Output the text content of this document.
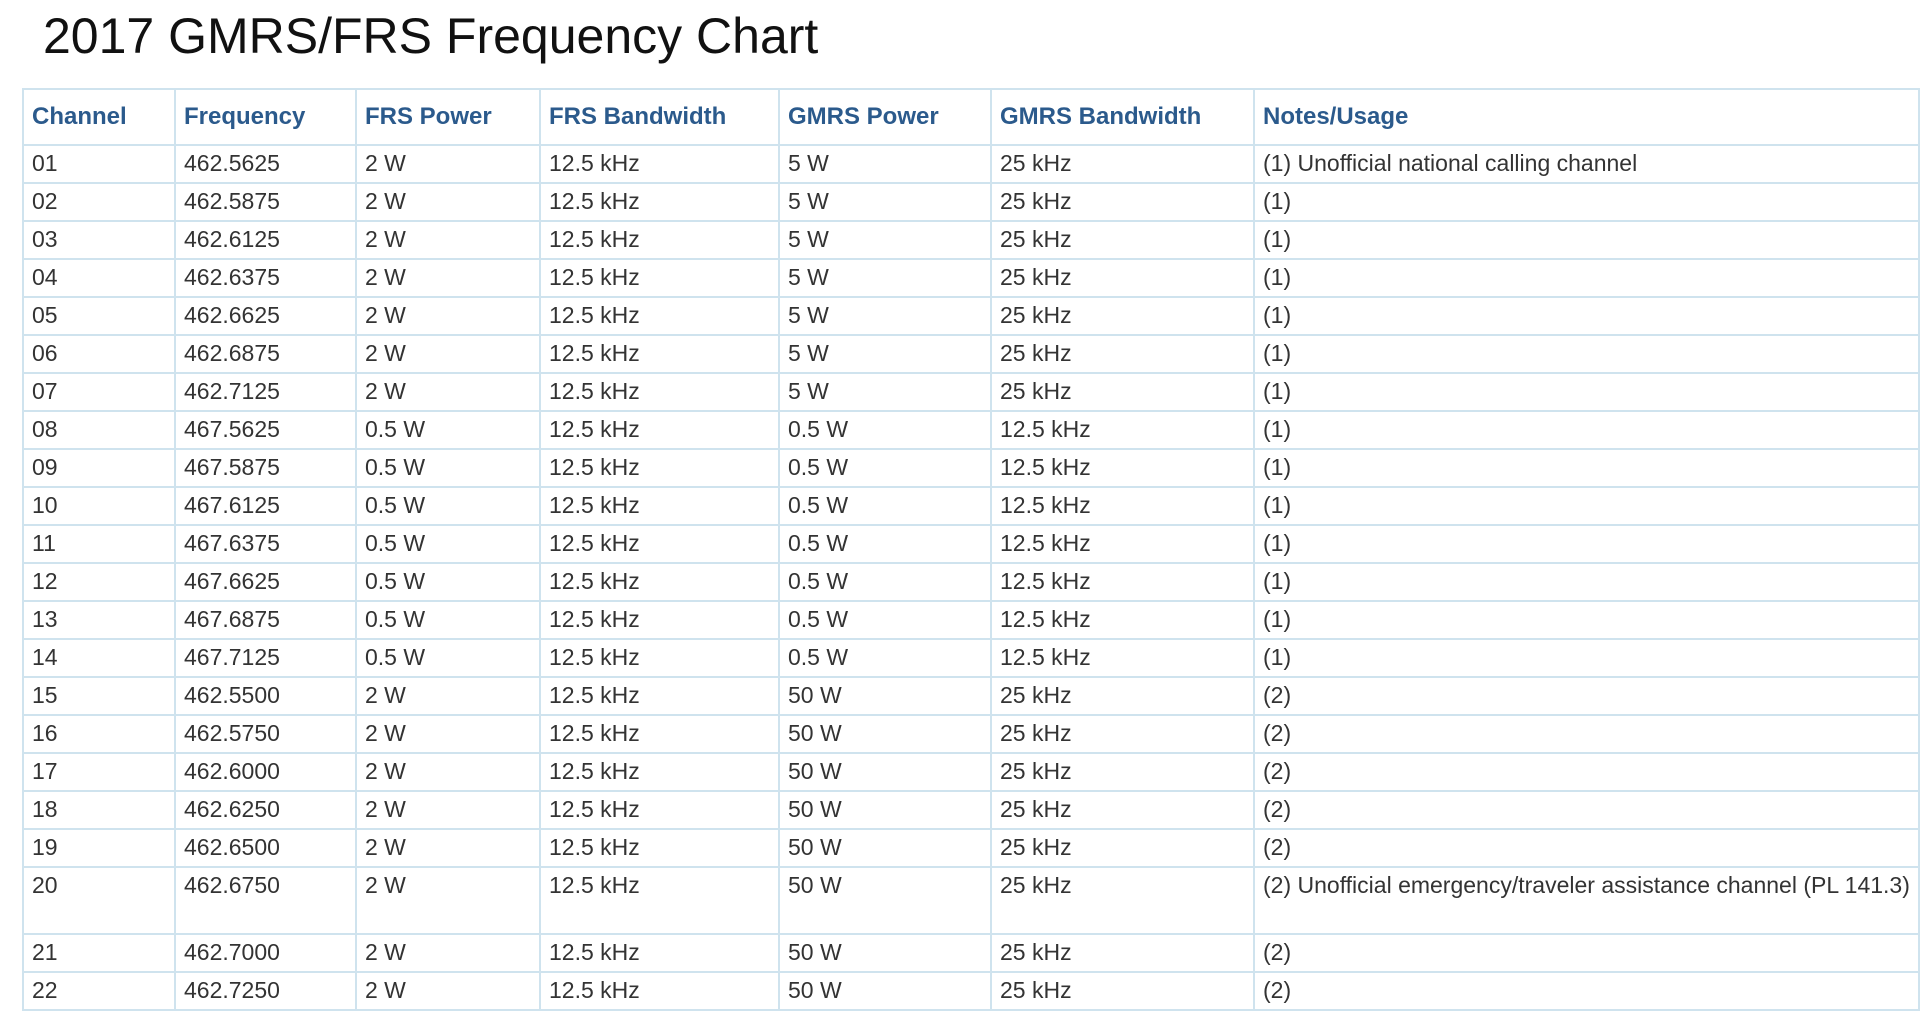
2017 GMRS/FRS Frequency Chart
Channel	Frequency	FRS Power	FRS Bandwidth	GMRS Power	GMRS Bandwidth	Notes/Usage
01	462.5625	2 W	12.5 kHz	5 W	25 kHz	(1) Unofficial national calling channel
02	462.5875	2 W	12.5 kHz	5 W	25 kHz	(1)
03	462.6125	2 W	12.5 kHz	5 W	25 kHz	(1)
04	462.6375	2 W	12.5 kHz	5 W	25 kHz	(1)
05	462.6625	2 W	12.5 kHz	5 W	25 kHz	(1)
06	462.6875	2 W	12.5 kHz	5 W	25 kHz	(1)
07	462.7125	2 W	12.5 kHz	5 W	25 kHz	(1)
08	467.5625	0.5 W	12.5 kHz	0.5 W	12.5 kHz	(1)
09	467.5875	0.5 W	12.5 kHz	0.5 W	12.5 kHz	(1)
10	467.6125	0.5 W	12.5 kHz	0.5 W	12.5 kHz	(1)
11	467.6375	0.5 W	12.5 kHz	0.5 W	12.5 kHz	(1)
12	467.6625	0.5 W	12.5 kHz	0.5 W	12.5 kHz	(1)
13	467.6875	0.5 W	12.5 kHz	0.5 W	12.5 kHz	(1)
14	467.7125	0.5 W	12.5 kHz	0.5 W	12.5 kHz	(1)
15	462.5500	2 W	12.5 kHz	50 W	25 kHz	(2)
16	462.5750	2 W	12.5 kHz	50 W	25 kHz	(2)
17	462.6000	2 W	12.5 kHz	50 W	25 kHz	(2)
18	462.6250	2 W	12.5 kHz	50 W	25 kHz	(2)
19	462.6500	2 W	12.5 kHz	50 W	25 kHz	(2)
20	462.6750	2 W	12.5 kHz	50 W	25 kHz	(2) Unofficial emergency/traveler assistance channel (PL 141.3)
21	462.7000	2 W	12.5 kHz	50 W	25 kHz	(2)
22	462.7250	2 W	12.5 kHz	50 W	25 kHz	(2)
